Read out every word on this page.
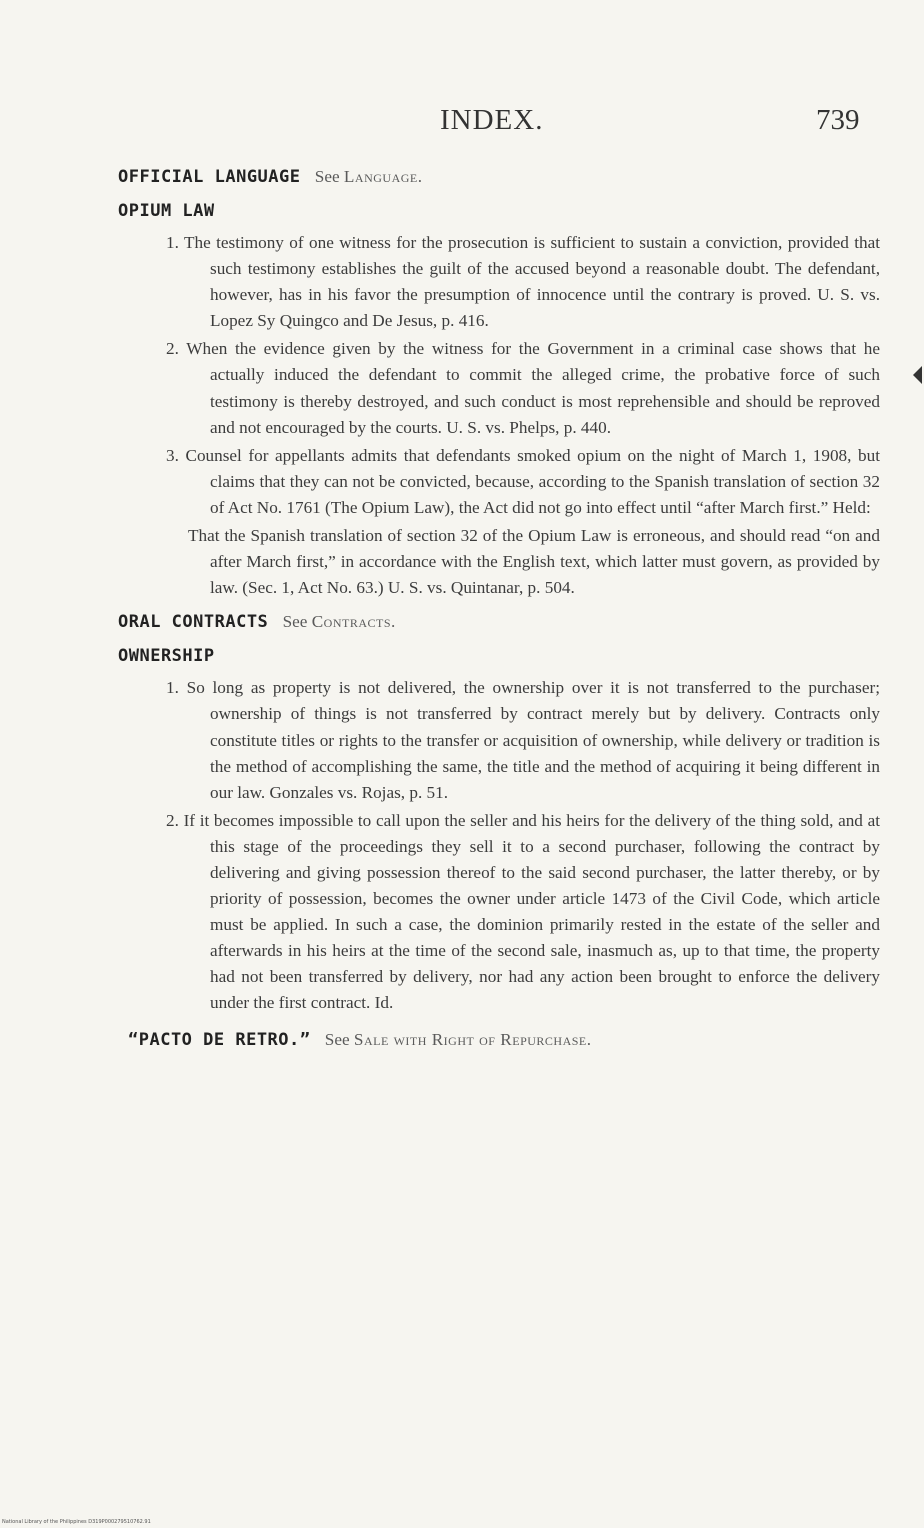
INDEX.	739

OFFICIAL LANGUAGE See Language.

OPIUM LAW

1. The testimony of one witness for the prosecution is sufficient to sustain a conviction, provided that such testimony establishes the guilt of the accused beyond a reasonable doubt. The defendant, however, has in his favor the presumption of innocence until the contrary is proved. U. S. vs. Lopez Sy Quingco and De Jesus, p. 416.

2. When the evidence given by the witness for the Government in a criminal case shows that he actually induced the defendant to commit the alleged crime, the probative force of such testimony is thereby destroyed, and such conduct is most reprehensible and should be reproved and not encouraged by the courts. U. S. vs. Phelps, p. 440.

3. Counsel for appellants admits that defendants smoked opium on the night of March 1, 1908, but claims that they can not be convicted, because, according to the Spanish translation of section 32 of Act No. 1761 (The Opium Law), the Act did not go into effect until “after March first.” Held:

That the Spanish translation of section 32 of the Opium Law is erroneous, and should read “on and after March first,” in accordance with the English text, which latter must govern, as provided by law. (Sec. 1, Act No. 63.) U. S. vs. Quintanar, p. 504.

ORAL CONTRACTS See Contracts.

OWNERSHIP

1. So long as property is not delivered, the ownership over it is not transferred to the purchaser; ownership of things is not transferred by contract merely but by delivery. Contracts only constitute titles or rights to the transfer or acquisition of ownership, while delivery or tradition is the method of accomplishing the same, the title and the method of acquiring it being different in our law. Gonzales vs. Rojas, p. 51.

2. If it becomes impossible to call upon the seller and his heirs for the delivery of the thing sold, and at this stage of the proceedings they sell it to a second purchaser, following the contract by delivering and giving possession thereof to the said second purchaser, the latter thereby, or by priority of possession, becomes the owner under article 1473 of the Civil Code, which article must be applied. In such a case, the dominion primarily rested in the estate of the seller and afterwards in his heirs at the time of the second sale, inasmuch as, up to that time, the property had not been transferred by delivery, nor had any action been brought to enforce the delivery under the first contract. Id.

“PACTO DE RETRO.” See Sale with Right of Repurchase.

National Library of the Philippines D319P000279510762.91
